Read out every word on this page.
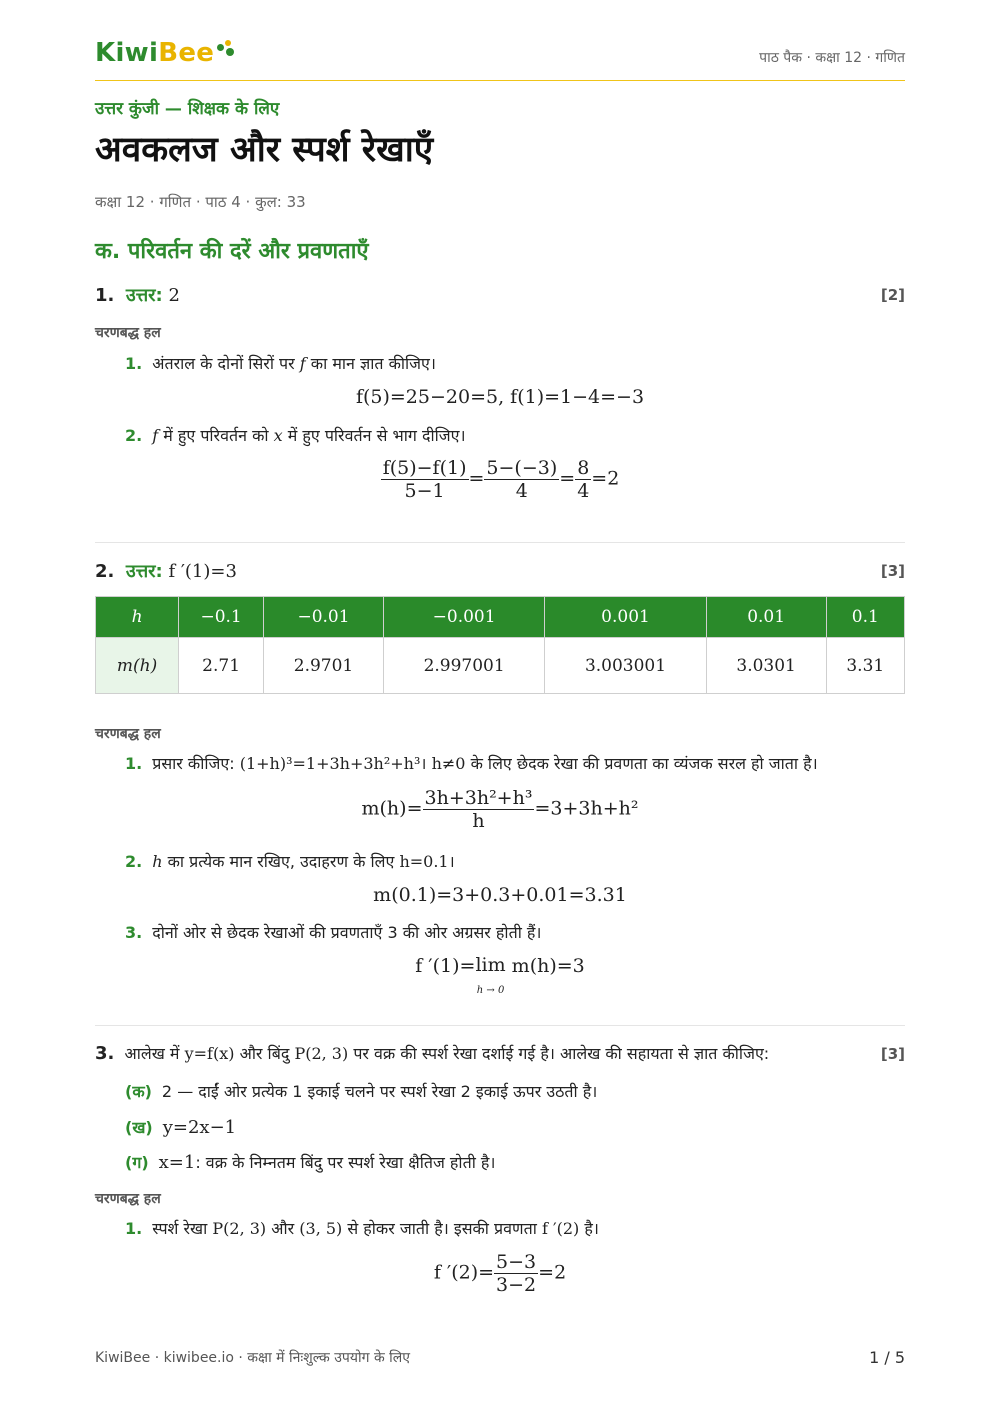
KiwiBee	पाठ पैक · कक्षा 12 · गणित
उत्तर कुंजी — शिक्षक के लिए
अवकलज और स्पर्श रेखाएँ
कक्षा 12 · गणित · पाठ 4 · कुल: 33
क. परिवर्तन की दरें और प्रवणताएँ
1. उत्तर: 2	[2]
चरणबद्ध हल
1. अंतराल के दोनों सिरों पर f का मान ज्ञात कीजिए।
f(5)=25−20=5, f(1)=1−4=−3
2. f में हुए परिवर्तन को x में हुए परिवर्तन से भाग दीजिए।
$\frac{f(5)-f(1)}{5-1} = \frac{5-(-3)}{4} = \frac{8}{4} =2$
2. उत्तर: f ′(1)=3	[3]
h	−0.1	−0.01	−0.001	0.001	0.01	0.1
m(h)	2.71	2.9701	2.997001	3.003001	3.0301	3.31
चरणबद्ध हल
1. प्रसार कीजिए: (1+h)³=1+3h+3h²+h³। h≠0 के लिए छेदक रेखा की प्रवणता का व्यंजक सरल हो जाता है।
$m(h)= \frac{\text{3h+3h²+h³}}{h} =3+3h+h^2$
2. h का प्रत्येक मान रखिए, उदाहरण के लिए h=0.1।
m(0.1)=3+0.3+0.01=3.31
3. दोनों ओर से छेदक रेखाओं की प्रवणताएँ 3 की ओर अग्रसर होती हैं।
f ′(1)=lim
h → 0 m(h)=3
3. आलेख में y=f(x) और बिंदु P(2, 3) पर वक्र की स्पर्श रेखा दर्शाई गई है। आलेख की सहायता से ज्ञात कीजिए:	[3]
(क) 2 — दाईं ओर प्रत्येक 1 इकाई चलने पर स्पर्श रेखा 2 इकाई ऊपर उठती है।
(ख) y=2x−1
(ग) x=1: वक्र के निम्नतम बिंदु पर स्पर्श रेखा क्षैतिज होती है।
चरणबद्ध हल
1. स्पर्श रेखा P(2, 3) और (3, 5) से होकर जाती है। इसकी प्रवणता f ′(2) है।
f $'(2)= \frac{5-3}{3-2} =2$
KiwiBee · kiwibee.io · कक्षा में निःशुल्क उपयोग के लिए	1 / 5
